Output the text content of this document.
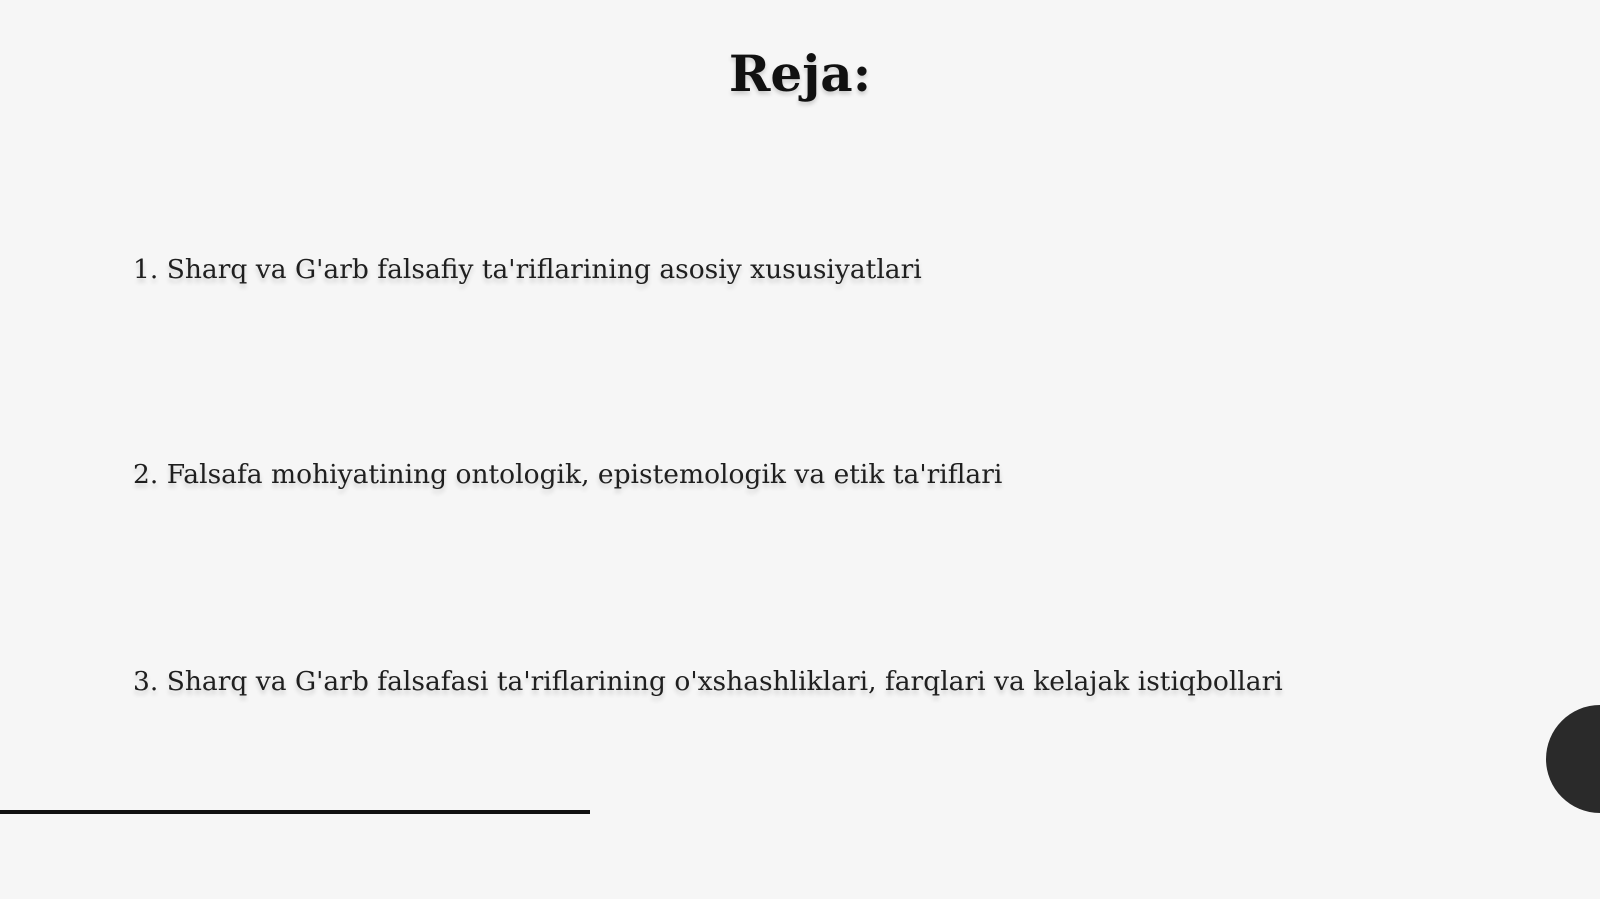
Reja:

1. Sharq va G'arb falsafiy ta'riflarining asosiy xususiyatlari

2. Falsafa mohiyatining ontologik, epistemologik va etik ta'riflari

3. Sharq va G'arb falsafasi ta'riflarining o'xshashliklari, farqlari va kelajak istiqbollari
